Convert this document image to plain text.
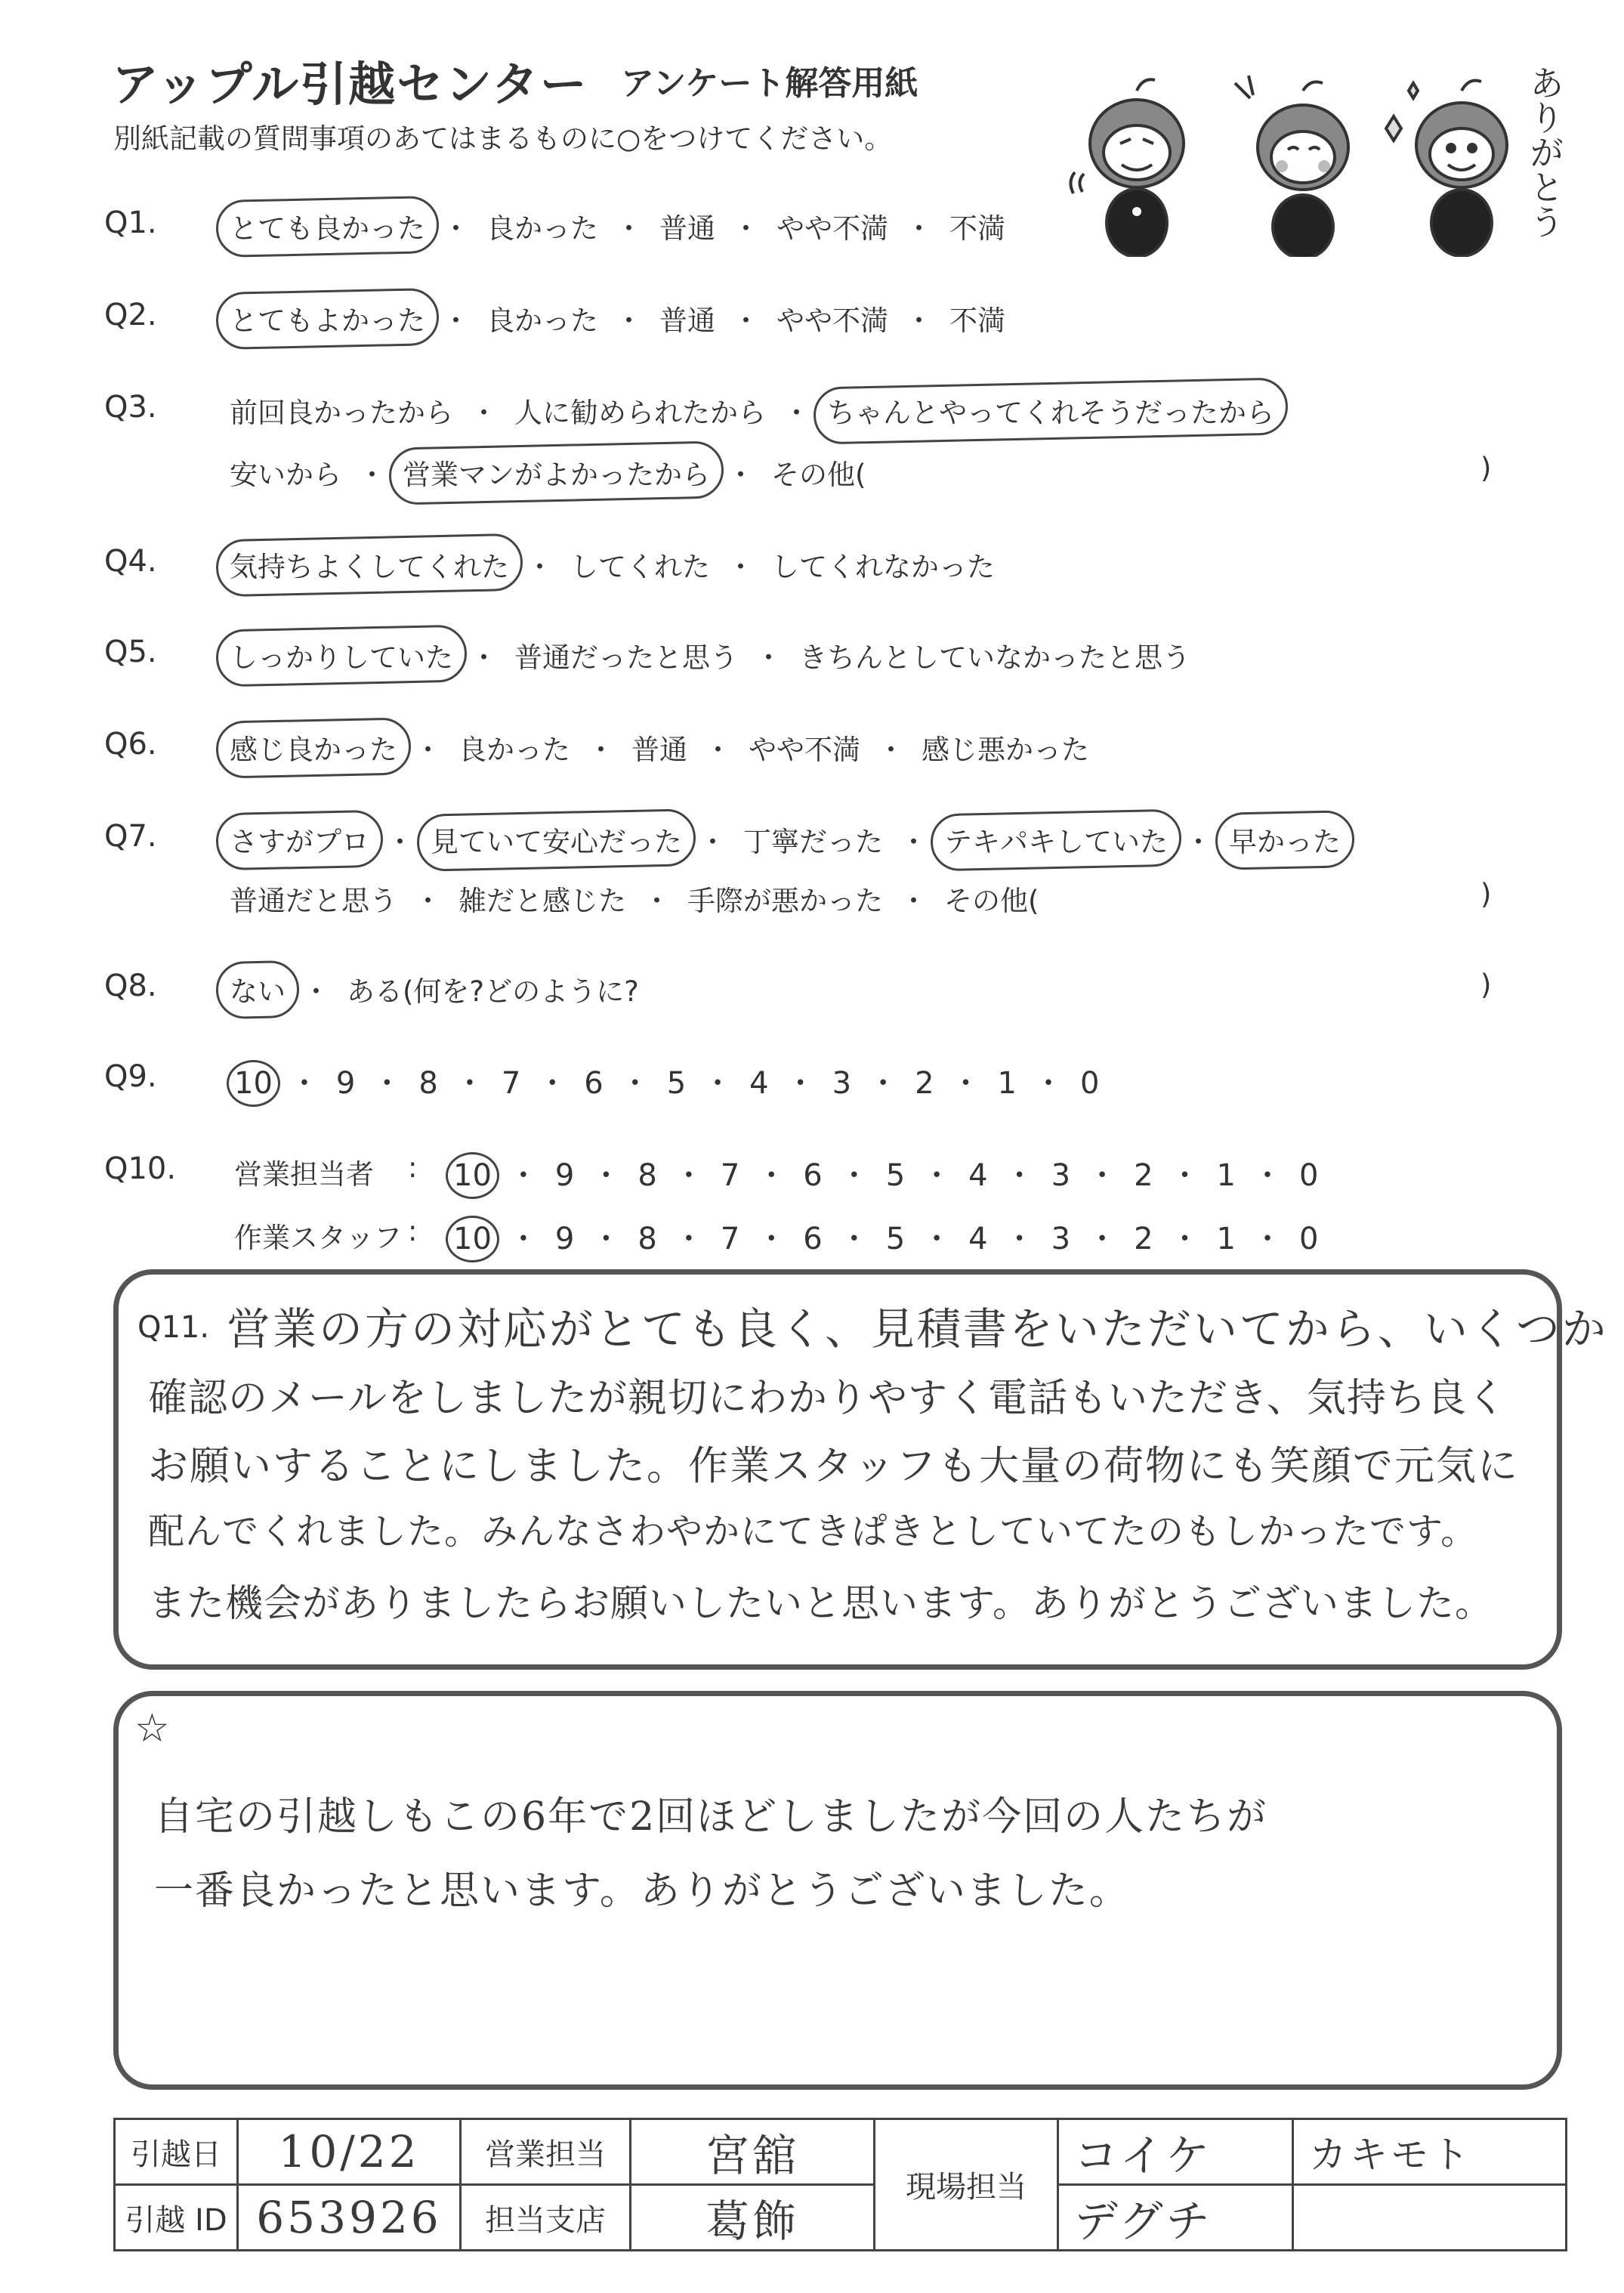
アップル引越センター アンケート解答用紙
別紙記載の質問事項のあてはまるものに○をつけてください。	ありがとう
Q1.	とても良かった ・ 良かった ・ 普通 ・ やや不満 ・ 不満
Q2.	とてもよかった ・ 良かった ・ 普通 ・ やや不満 ・ 不満
Q3.	前回良かったから ・ 人に勧められたから ・ ちゃんとやってくれそうだったから
安いから ・ 営業マンがよかったから ・ その他(	)
Q4.	気持ちよくしてくれた ・ してくれた ・ してくれなかった
Q5.	しっかりしていた ・ 普通だったと思う ・ きちんとしていなかったと思う
Q6.	感じ良かった ・ 良かった ・ 普通 ・ やや不満 ・ 感じ悪かった
Q7.	さすがプロ ・ 見ていて安心だった ・ 丁寧だった ・ テキパキしていた ・ 早かった
普通だと思う ・ 雑だと感じた ・ 手際が悪かった ・ その他(	)
Q8.	ない ・ ある(何を?どのように?	)
Q9.	10 ・ 9 ・ 8 ・ 7 ・ 6 ・ 5 ・ 4 ・ 3 ・ 2 ・ 1 ・ 0
Q10. 営業担当者 : 10 ・ 9 ・ 8 ・ 7 ・ 6 ・ 5 ・ 4 ・ 3 ・ 2 ・ 1 ・ 0
作業スタッフ : 10 ・ 9 ・ 8 ・ 7 ・ 6 ・ 5 ・ 4 ・ 3 ・ 2 ・ 1 ・ 0
Q11. 営業の方の対応がとても良く、見積書をいただいてから、いくつか
確認のメールをしましたが親切にわかりやすく電話もいただき、気持ち良く
お願いすることにしました。作業スタッフも大量の荷物にも笑顔で元気に
配んでくれました。みんなさわやかにてきぱきとしていてたのもしかったです。
また機会がありましたらお願いしたいと思います。ありがとうございました。
☆
自宅の引越しもこの6年で2回ほどしましたが今回の人たちが
一番良かったと思います。ありがとうございました。
引越日	10/22	営業担当	宮舘	現場担当	コイケ	カキモト
引越 ID	653926	担当支店	葛飾		デグチ	
